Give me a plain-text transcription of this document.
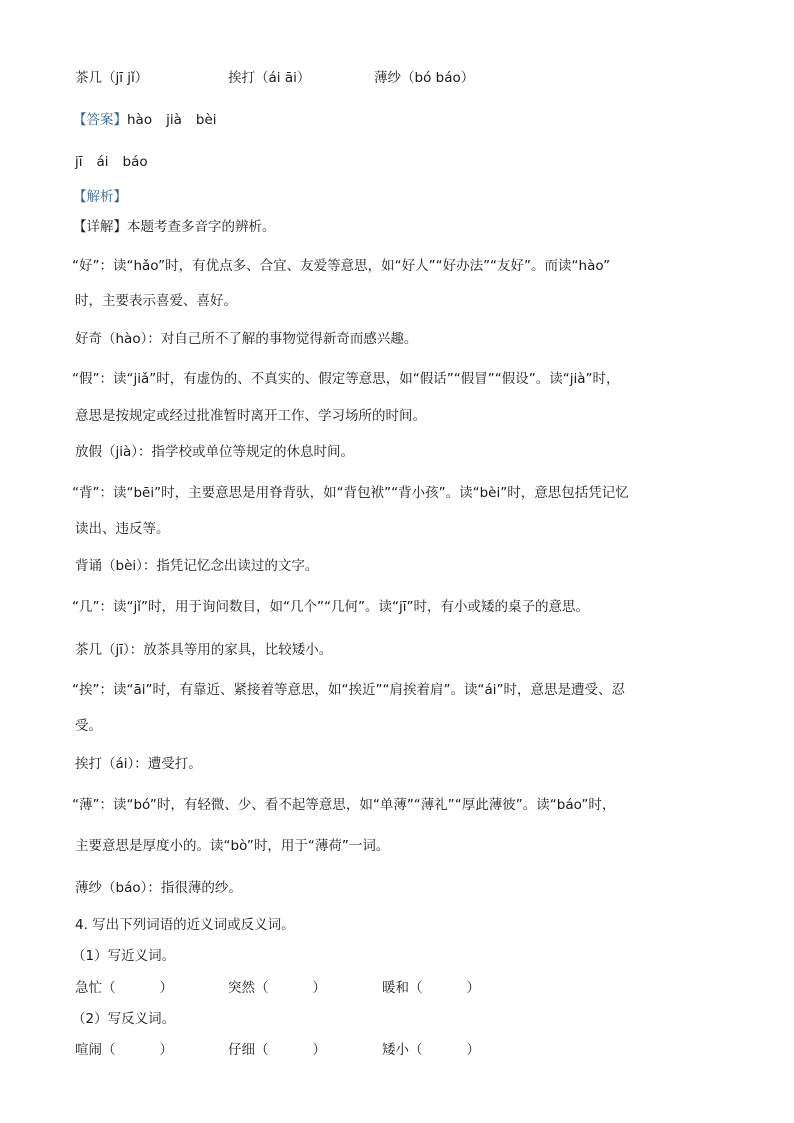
茶几（jī jǐ）	挨打（ái āi）	薄纱（bó báo）
【答案】hào jià bèi
jī ái báo
【解析】
【详解】本题考查多音字的辨析。
“好”：读“hǎo”时，有优点多、合宜、友爱等意思，如“好人”“好办法”“友好”。而读“hào”
时，主要表示喜爱、喜好。
好奇（hào）：对自己所不了解的事物觉得新奇而感兴趣。
“假”：读“jiǎ”时，有虚伪的、不真实的、假定等意思，如“假话”“假冒”“假设”。读“jià”时，
意思是按规定或经过批准暂时离开工作、学习场所的时间。
放假（jià）：指学校或单位等规定的休息时间。
“背”：读“bēi”时，主要意思是用脊背驮，如“背包袱”“背小孩”。读“bèi”时，意思包括凭记忆
读出、违反等。
背诵（bèi）：指凭记忆念出读过的文字。
“几”：读“jǐ”时，用于询问数目，如“几个”“几何”。读“jī”时，有小或矮的桌子的意思。
茶几（jī）：放茶具等用的家具，比较矮小。
“挨”：读“āi”时，有靠近、紧接着等意思，如“挨近”“肩挨着肩”。读“ái”时，意思是遭受、忍
受。
挨打（ái）：遭受打。
“薄”：读“bó”时，有轻微、少、看不起等意思，如“单薄”“薄礼”“厚此薄彼”。读“báo”时，
主要意思是厚度小的。读“bò”时，用于“薄荷”一词。
薄纱（báo）：指很薄的纱。
4. 写出下列词语的近义词或反义词。
（1）写近义词。
急忙（	）	突然（	）	暖和（	）
（2）写反义词。
喧闹（	）	仔细（	）	矮小（	）
